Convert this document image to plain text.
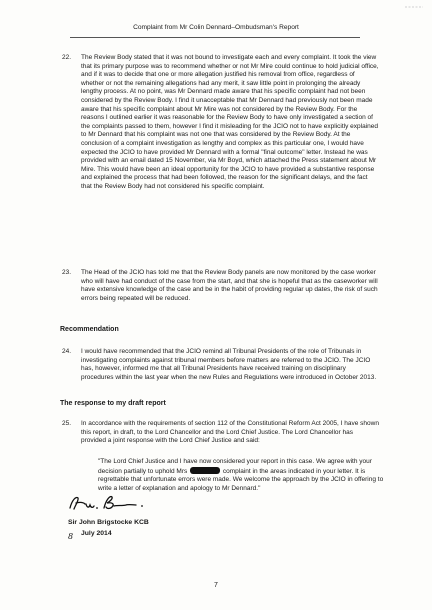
Complaint from Mr Colin Dennard–Ombudsman's Report
22. The Review Body stated that it was not bound to investigate each and every complaint. It took the view that its primary purpose was to recommend whether or not Mr Mire could continue to hold judicial office, and if it was to decide that one or more allegation justified his removal from office, regardless of whether or not the remaining allegations had any merit, it saw little point in prolonging the already lengthy process. At no point, was Mr Dennard made aware that his specific complaint had not been considered by the Review Body. I find it unacceptable that Mr Dennard had previously not been made aware that his specific complaint about Mr Mire was not considered by the Review Body. For the reasons I outlined earlier it was reasonable for the Review Body to have only investigated a section of the complaints passed to them, however I find it misleading for the JCIO not to have explicitly explained to Mr Dennard that his complaint was not one that was considered by the Review Body. At the conclusion of a complaint investigation as lengthy and complex as this particular one, I would have expected the JCIO to have provided Mr Dennard with a formal "final outcome" letter. Instead he was provided with an email dated 15 November, via Mr Boyd, which attached the Press statement about Mr Mire. This would have been an ideal opportunity for the JCIO to have provided a substantive response and explained the process that had been followed, the reason for the significant delays, and the fact that the Review Body had not considered his specific complaint.
23. The Head of the JCIO has told me that the Review Body panels are now monitored by the case worker who will have had conduct of the case from the start, and that she is hopeful that as the caseworker will have extensive knowledge of the case and be in the habit of providing regular up dates, the risk of such errors being repeated will be reduced.
Recommendation
24. I would have recommended that the JCIO remind all Tribunal Presidents of the role of Tribunals in investigating complaints against tribunal members before matters are referred to the JCIO. The JCIO has, however, informed me that all Tribunal Presidents have received training on disciplinary procedures within the last year when the new Rules and Regulations were introduced in October 2013.
The response to my draft report
25. In accordance with the requirements of section 112 of the Constitutional Reform Act 2005, I have shown this report, in draft, to the Lord Chancellor and the Lord Chief Justice. The Lord Chancellor has provided a joint response with the Lord Chief Justice and said:
"The Lord Chief Justice and I have now considered your report in this case. We agree with your decision partially to uphold Mrs	complaint in the areas indicated in your letter. It is regrettable that unfortunate errors were made. We welcome the approach by the JCIO in offering to write a letter of explanation and apology to Mr Dennard."
Sir John Brigstocke KCB
8 July 2014
7
